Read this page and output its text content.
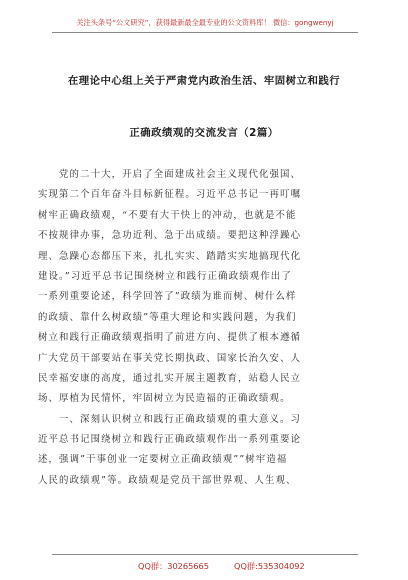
关注头条号“公文研究”，获得最新最全最专业的公文资料库！ 微信：gongwenyj
在理论中心组上关于严肃党内政治生活、牢固树立和践行
正确政绩观的交流发言（2篇）
党的二十大，开启了全面建成社会主义现代化强国、
实现第二个百年奋斗目标新征程。习近平总书记一再叮嘱
树牢正确政绩观，“不要有大干快上的冲动，也就是不能
不按规律办事，急功近利、急于出成绩。要把这种浮躁心
理、急躁心态都压下来，扎扎实实、踏踏实实地搞现代化
建设。”习近平总书记围绕树立和践行正确政绩观作出了
一系列重要论述，科学回答了”政绩为谁而树、树什么样
的政绩、靠什么树政绩”等重大理论和实践问题，为我们
树立和践行正确政绩观指明了前进方向、提供了根本遵循
广大党员干部要站在事关党长期执政、国家长治久安、人
民幸福安康的高度，通过扎实开展主题教育，站稳人民立
场、厚植为民情怀，牢固树立为民造福的正确政绩观。
一、深刻认识树立和践行正确政绩观的重大意义。习
近平总书记围绕树立和践行正确政绩观作出一系列重要论
述，强调”干事创业一定要树立正确政绩观””树牢造福
人民的政绩观”等。政绩观是党员干部世界观、人生观、
QQ群：30265665	QQ群:535304092
